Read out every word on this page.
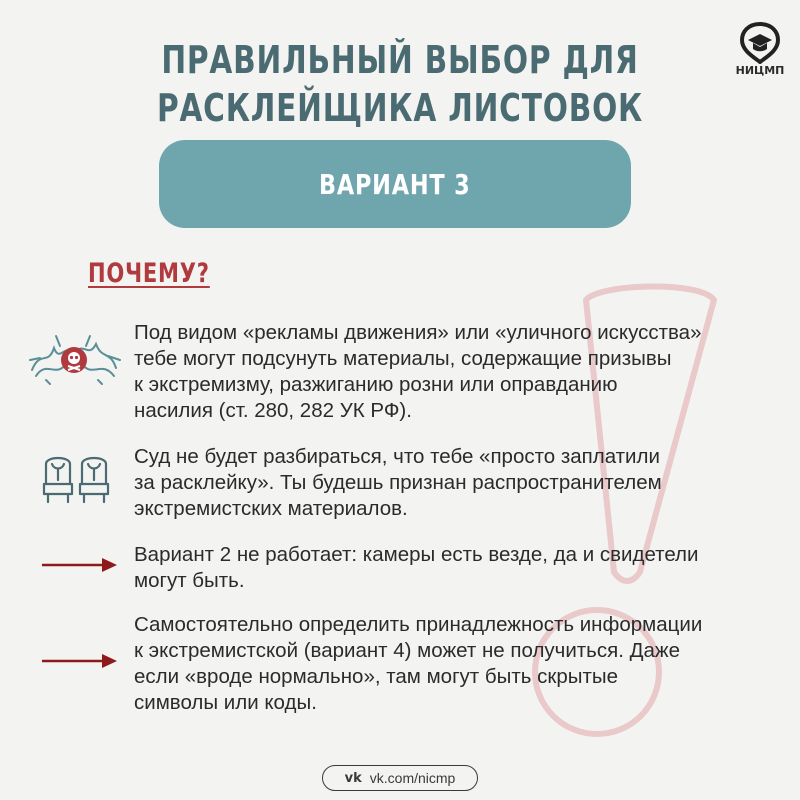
ПРАВИЛЬНЫЙ ВЫБОР ДЛЯ
РАСКЛЕЙЩИКА ЛИСТОВОК
НИЦМП
ВАРИАНТ 3
ПОЧЕМУ?
Под видом «рекламы движения» или «уличного искусства»
тебе могут подсунуть материалы, содержащие призывы
к экстремизму, разжиганию розни или оправданию
насилия (ст. 280, 282 УК РФ).
Суд не будет разбираться, что тебе «просто заплатили
за расклейку». Ты будешь признан распространителем
экстремистских материалов.
Вариант 2 не работает: камеры есть везде, да и свидетели
могут быть.
Самостоятельно определить принадлежность информации
к экстремистской (вариант 4) может не получиться. Даже
если «вроде нормально», там могут быть скрытые
символы или коды.
vk vk.com/nicmp
